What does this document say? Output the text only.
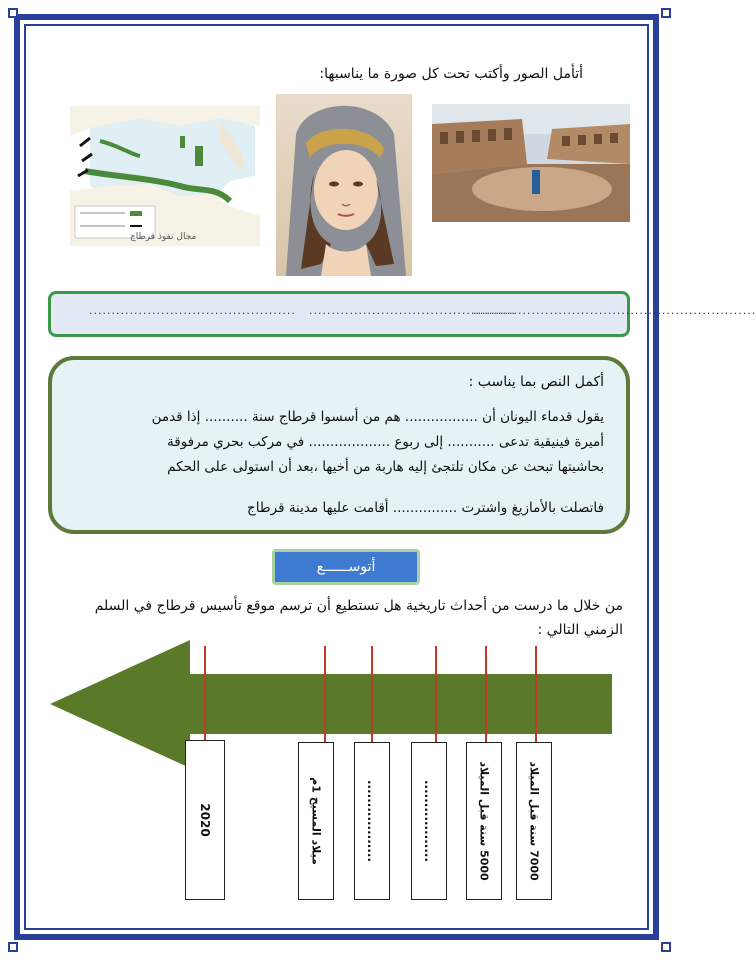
أتأمل الصور وأكتب تحت كل صورة ما يناسبها:
مجال نفوذ قرطاج
.............................................. ..............................................
...............................................................
أكمل النص بما يناسب :
يقول قدماء اليونان أن ................. هم من أسسوا قرطاج سنة .......... إذا قدمن
أميرة فينيقية تدعى ........... إلى ربوع ................... في مركب بحري مرفوقة
بحاشيتها تبحث عن مكان تلتجئ إليه هاربة من أخيها ،بعد أن استولى على الحكم
فاتصلت بالأمازيغ واشترت ............... أقامت عليها مدينة قرطاج
أتوســــــع
من خلال ما درست من أحداث تاريخية هل تستطيع أن ترسم موقع تأسيس قرطاج في السلم
الزمني التالي :
2020
ميلاد المسيح 1م	..................	..................	5000 سنة قبل الميلاد
7000 سنة قبل الميلاد
